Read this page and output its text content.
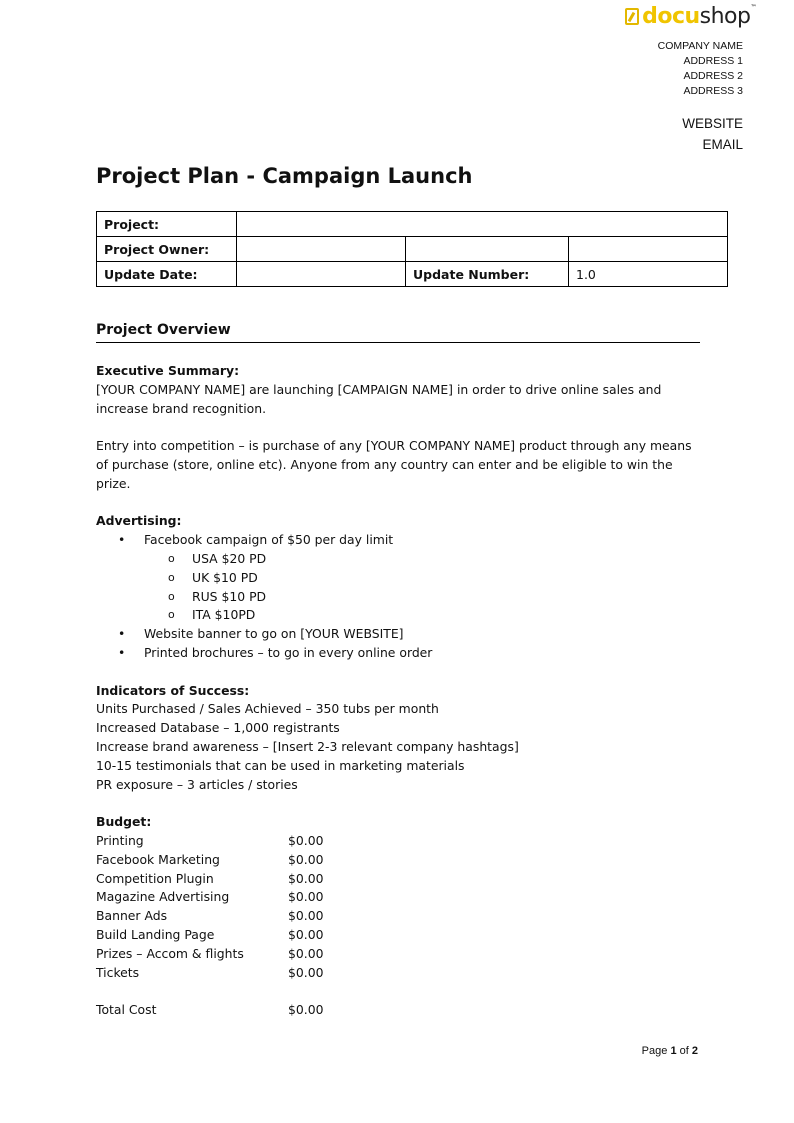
docushop™
COMPANY NAME
ADDRESS 1
ADDRESS 2
ADDRESS 3
WEBSITE
EMAIL
Project Plan - Campaign Launch
Project:			
Project Owner:			
Update Date:		Update Number:	1.0
Project Overview

Executive Summary:

[YOUR COMPANY NAME] are launching [CAMPAIGN NAME] in order to drive online sales and

increase brand recognition.

Entry into competition – is purchase of any [YOUR COMPANY NAME] product through any means

of purchase (store, online etc). Anyone from any country can enter and be eligible to win the prize.

Advertising:

• Facebook campaign of $50 per day limit

o USA $20 PD

o UK $10 PD

o RUS $10 PD

o ITA $10PD

• Website banner to go on [YOUR WEBSITE]

• Printed brochures – to go in every online order

Indicators of Success:

Units Purchased / Sales Achieved – 350 tubs per month

Increased Database – 1,000 registrants

Increase brand awareness – [Insert 2-3 relevant company hashtags]

10-15 testimonials that can be used in marketing materials

PR exposure – 3 articles / stories

Budget:

Printing	$0.00
Facebook Marketing	$0.00
Competition Plugin	$0.00
Magazine Advertising	$0.00
Banner Ads	$0.00
Build Landing Page	$0.00
Prizes – Accom & flights	$0.00
Tickets	$0.00
Total Cost	$0.00
Page 1 of 2
